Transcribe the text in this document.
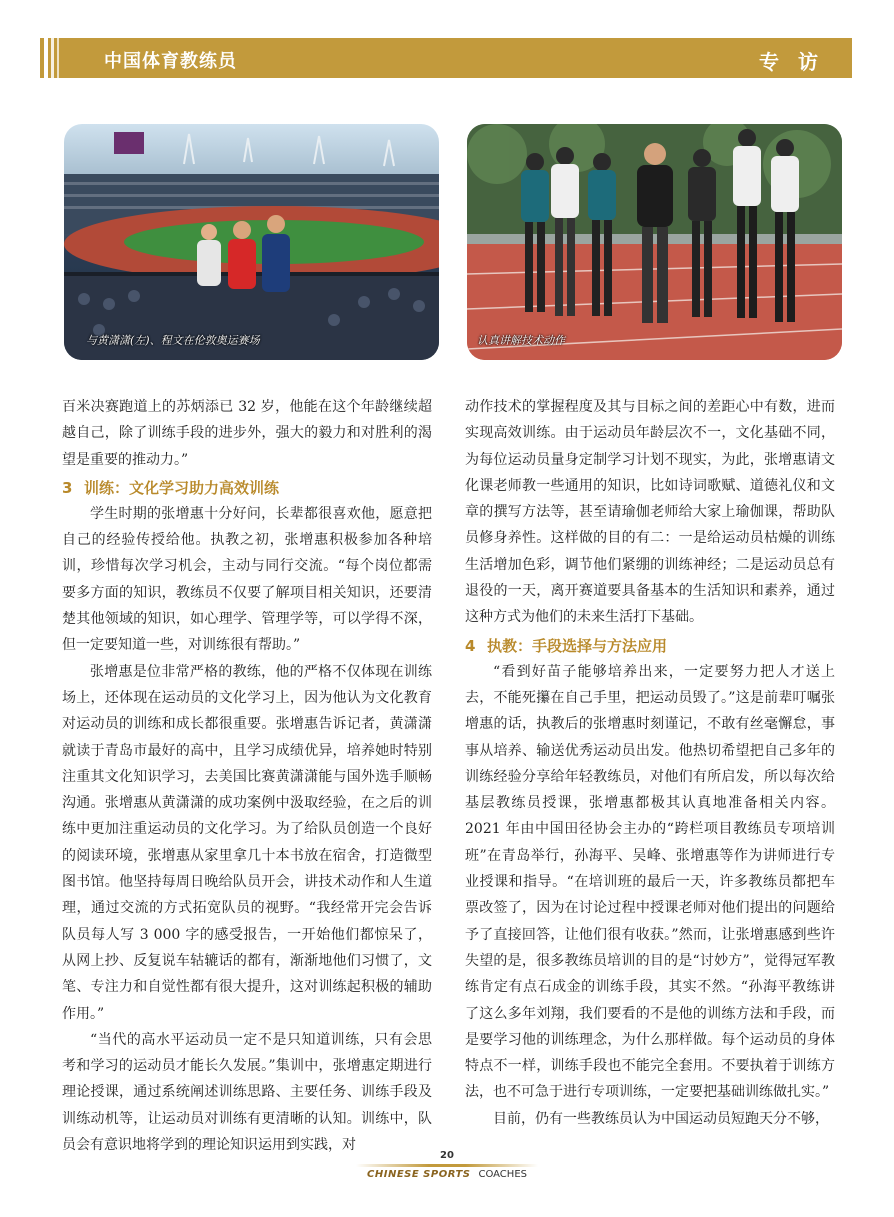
中国体育教练员	专 访
与黄潇潇(左)、程文在伦敦奥运赛场	认真讲解技术动作

百米决赛跑道上的苏炳添已 32 岁，他能在这个年龄继续超越自己，除了训练手段的进步外，强大的毅力和对胜利的渴望是重要的推动力。”

3 训练：文化学习助力高效训练

学生时期的张增惠十分好问，长辈都很喜欢他，愿意把自己的经验传授给他。执教之初，张增惠积极参加各种培训，珍惜每次学习机会，主动与同行交流。“每个岗位都需要多方面的知识，教练员不仅要了解项目相关知识，还要清楚其他领域的知识，如心理学、管理学等，可以学得不深，但一定要知道一些，对训练很有帮助。”

张增惠是位非常严格的教练，他的严格不仅体现在训练场上，还体现在运动员的文化学习上，因为他认为文化教育对运动员的训练和成长都很重要。张增惠告诉记者，黄潇潇就读于青岛市最好的高中，且学习成绩优异，培养她时特别注重其文化知识学习，去美国比赛黄潇潇能与国外选手顺畅沟通。张增惠从黄潇潇的成功案例中汲取经验，在之后的训练中更加注重运动员的文化学习。为了给队员创造一个良好的阅读环境，张增惠从家里拿几十本书放在宿舍，打造微型图书馆。他坚持每周日晚给队员开会，讲技术动作和人生道理，通过交流的方式拓宽队员的视野。“我经常开完会告诉队员每人写 3 000 字的感受报告，一开始他们都惊呆了，从网上抄、反复说车轱辘话的都有，渐渐地他们习惯了，文笔、专注力和自觉性都有很大提升，这对训练起积极的辅助作用。”

“当代的高水平运动员一定不是只知道训练，只有会思考和学习的运动员才能长久发展。”集训中，张增惠定期进行理论授课，通过系统阐述训练思路、主要任务、训练手段及训练动机等，让运动员对训练有更清晰的认知。训练中，队员会有意识地将学到的理论知识运用到实践，对

动作技术的掌握程度及其与目标之间的差距心中有数，进而实现高效训练。由于运动员年龄层次不一，文化基础不同，为每位运动员量身定制学习计划不现实，为此，张增惠请文化课老师教一些通用的知识，比如诗词歌赋、道德礼仪和文章的撰写方法等，甚至请瑜伽老师给大家上瑜伽课，帮助队员修身养性。这样做的目的有二：一是给运动员枯燥的训练生活增加色彩，调节他们紧绷的训练神经；二是运动员总有退役的一天，离开赛道要具备基本的生活知识和素养，通过这种方式为他们的未来生活打下基础。

4 执教：手段选择与方法应用

“看到好苗子能够培养出来，一定要努力把人才送上去，不能死攥在自己手里，把运动员毁了。”这是前辈叮嘱张增惠的话，执教后的张增惠时刻谨记，不敢有丝毫懈怠，事事从培养、输送优秀运动员出发。他热切希望把自己多年的训练经验分享给年轻教练员，对他们有所启发，所以每次给基层教练员授课，张增惠都极其认真地准备相关内容。2021 年由中国田径协会主办的“跨栏项目教练员专项培训班”在青岛举行，孙海平、吴峰、张增惠等作为讲师进行专业授课和指导。“在培训班的最后一天，许多教练员都把车票改签了，因为在讨论过程中授课老师对他们提出的问题给予了直接回答，让他们很有收获。”然而，让张增惠感到些许失望的是，很多教练员培训的目的是“讨妙方”，觉得冠军教练肯定有点石成金的训练手段，其实不然。“孙海平教练讲了这么多年刘翔，我们要看的不是他的训练方法和手段，而是要学习他的训练理念，为什么那样做。每个运动员的身体特点不一样，训练手段也不能完全套用。不要执着于训练方法，也不可急于进行专项训练，一定要把基础训练做扎实。”

目前，仍有一些教练员认为中国运动员短跑天分不够，

20
CHINESE SPORTS COACHES
